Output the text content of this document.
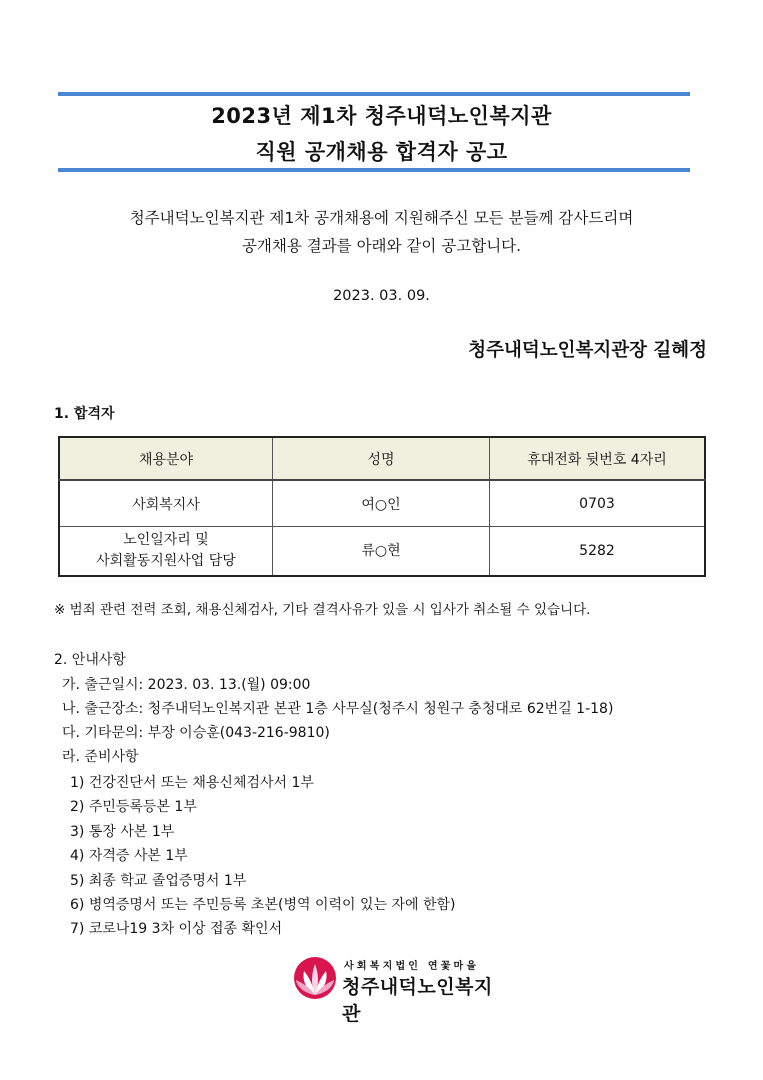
2023년 제1차 청주내덕노인복지관
직원 공개채용 합격자 공고
청주내덕노인복지관 제1차 공개채용에 지원해주신 모든 분들께 감사드리며
공개채용 결과를 아래와 같이 공고합니다.
2023. 03. 09.
청주내덕노인복지관장 길혜정
1. 합격자
채용분야	성명	휴대전화 뒷번호 4자리
사회복지사	여○인	0703

노인일자리 및
사회활동지원사업 담당	류○현	5282
※ 범죄 관련 전력 조회, 채용신체검사, 기타 결격사유가 있을 시 입사가 취소될 수 있습니다.
2. 안내사항
가. 출근일시: 2023. 03. 13.(월) 09:00
나. 출근장소: 청주내덕노인복지관 본관 1층 사무실(청주시 청원구 충청대로 62번길 1-18)
다. 기타문의: 부장 이승훈(043-216-9810)
라. 준비사항
1) 건강진단서 또는 채용신체검사서 1부
2) 주민등록등본 1부
3) 통장 사본 1부
4) 자격증 사본 1부
5) 최종 학교 졸업증명서 1부
6) 병역증명서 또는 주민등록 초본(병역 이력이 있는 자에 한함)
7) 코로나19 3차 이상 접종 확인서
사회복지법인 연꽃마을
청주내덕노인복지관
